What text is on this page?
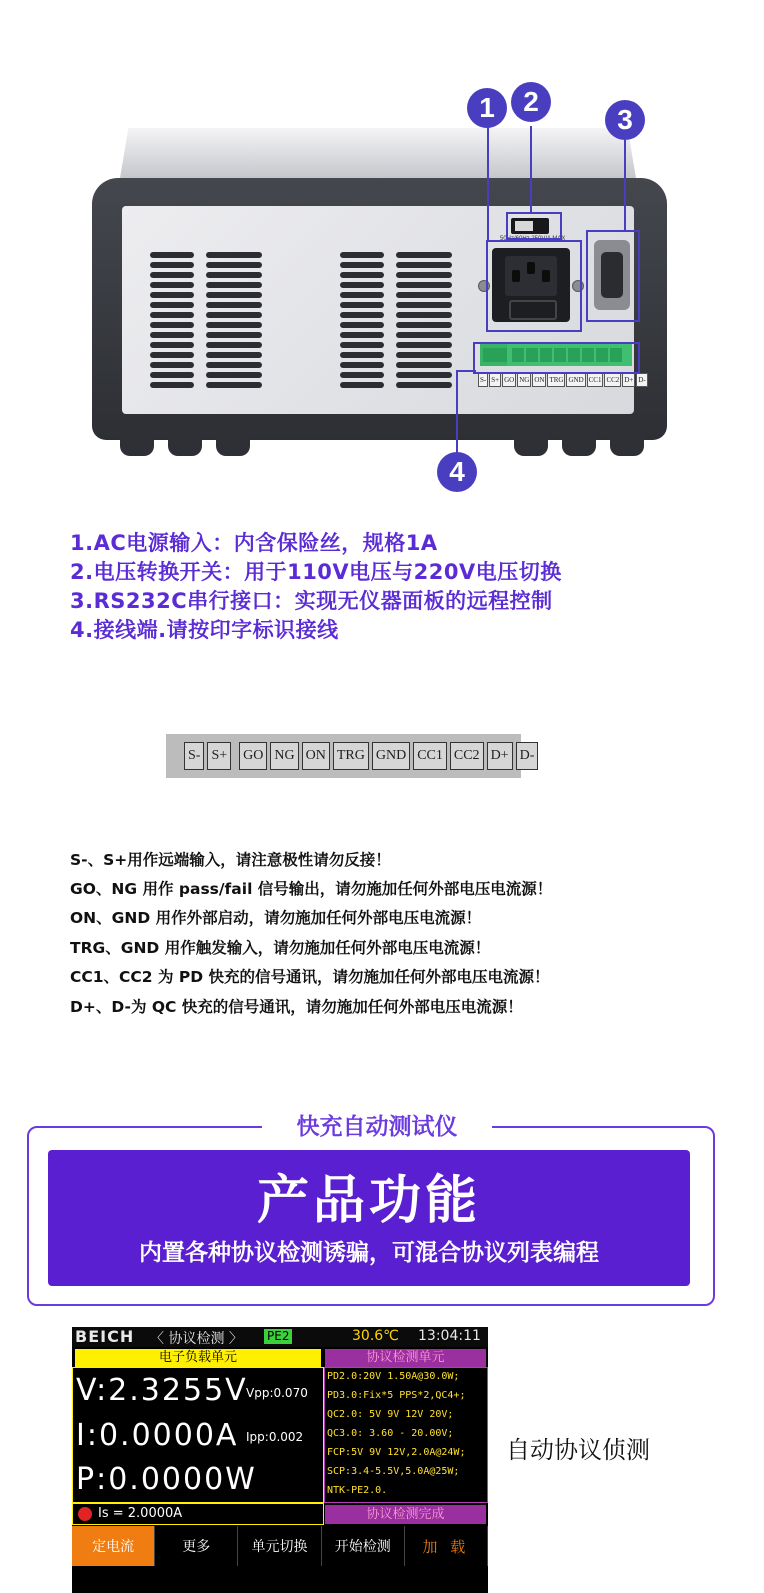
50Hz/60Hz 250V/A MAX
S- S+ GO NG ON TRG GND CC1 CC2 D+ D-
1	2
3
4
1.AC电源输入：内含保险丝，规格1A
2.电压转换开关：用于110V电压与220V电压切换
3.RS232C串行接口：实现无仪器面板的远程控制
4.接线端.请按印字标识接线
S- S+ GO NG ON TRG GND CC1 CC2 D+ D-
S-、S+用作远端输入，请注意极性请勿反接！
GO、NG 用作 pass/fail 信号输出，请勿施加任何外部电压电流源！
ON、GND 用作外部启动，请勿施加任何外部电压电流源！
TRG、GND 用作触发输入，请勿施加任何外部电压电流源！
CC1、CC2 为 PD 快充的信号通讯，请勿施加任何外部电压电流源！
D+、D-为 QC 快充的信号通讯，请勿施加任何外部电压电流源！
快充自动测试仪
产品功能
内置各种协议检测诱骗，可混合协议列表编程
BEICH 〈 协议检测 〉 PE2	30.6℃ 13:04:11
电子负载单元
V:2.3255V
Vpp:0.070
I:0.0000A Ipp:0.002
P:0.0000W
Is = 2.0000A
协议检测单元
PD2.0:20V 1.50A@30.0W;
PD3.0:Fix*5 PPS*2,QC4+;
QC2.0: 5V 9V 12V 20V;
QC3.0: 3.60 - 20.00V;
FCP:5V 9V 12V,2.0A@24W;
SCP:3.4-5.5V,5.0A@25W;
NTK-PE2.0.
协议检测完成
定电流	更多	单元切换	开始检测	加 载
自动协议侦测
